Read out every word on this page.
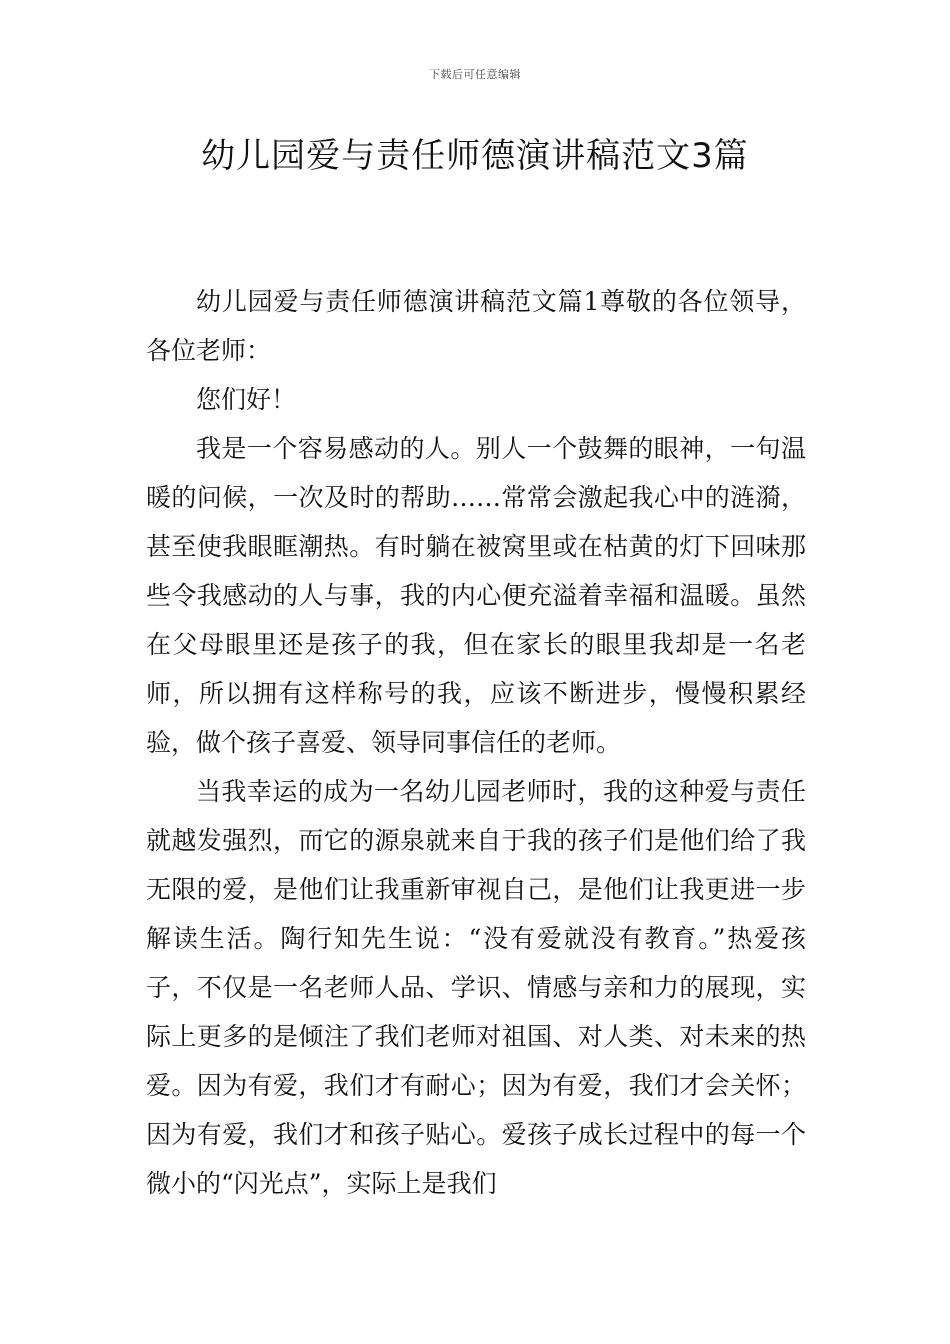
下载后可任意编辑
幼儿园爱与责任师德演讲稿范文3篇

幼儿园爱与责任师德演讲稿范文篇1尊敬的各位领导，各位老师：

您们好！

我是一个容易感动的人。别人一个鼓舞的眼神，一句温暖的问候，一次及时的帮助……常常会激起我心中的涟漪，甚至使我眼眶潮热。有时躺在被窝里或在枯黄的灯下回味那些令我感动的人与事，我的内心便充溢着幸福和温暖。虽然在父母眼里还是孩子的我，但在家长的眼里我却是一名老师，所以拥有这样称号的我，应该不断进步，慢慢积累经验，做个孩子喜爱、领导同事信任的老师。

当我幸运的成为一名幼儿园老师时，我的这种爱与责任就越发强烈，而它的源泉就来自于我的孩子们是他们给了我无限的爱，是他们让我重新审视自己，是他们让我更进一步解读生活。陶行知先生说：“没有爱就没有教育。”热爱孩子，不仅是一名老师人品、学识、情感与亲和力的展现，实际上更多的是倾注了我们老师对祖国、对人类、对未来的热爱。因为有爱，我们才有耐心；因为有爱，我们才会关怀；因为有爱，我们才和孩子贴心。爱孩子成长过程中的每一个微小的“闪光点”，实际上是我们
